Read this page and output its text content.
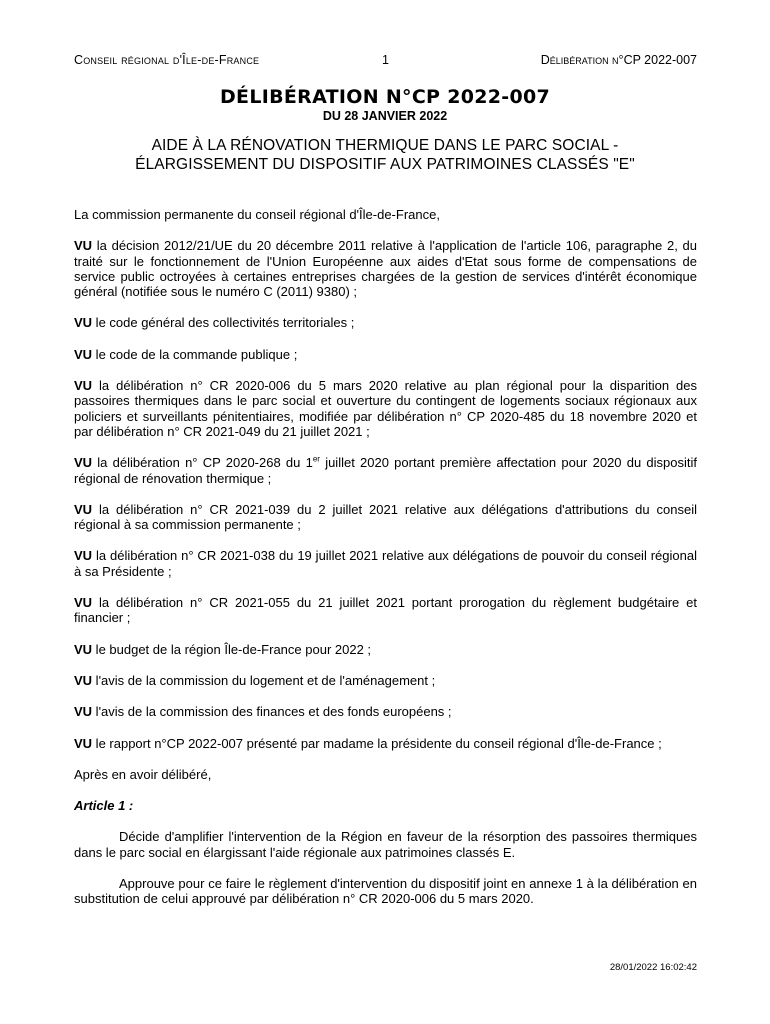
Conseil régional d'Île-de-France	1	Délibération n°CP 2022-007
DÉLIBÉRATION N°CP 2022-007
DU 28 JANVIER 2022
AIDE À LA RÉNOVATION THERMIQUE DANS LE PARC SOCIAL -
ÉLARGISSEMENT DU DISPOSITIF AUX PATRIMOINES CLASSÉS "E"

La commission permanente du conseil régional d'Île-de-France,

VU la décision 2012/21/UE du 20 décembre 2011 relative à l'application de l'article 106, paragraphe 2, du traité sur le fonctionnement de l'Union Européenne aux aides d'Etat sous forme de compensations de service public octroyées à certaines entreprises chargées de la gestion de services d'intérêt économique général (notifiée sous le numéro C (2011) 9380) ;

VU le code général des collectivités territoriales ;

VU le code de la commande publique ;

VU la délibération n° CR 2020-006 du 5 mars 2020 relative au plan régional pour la disparition des passoires thermiques dans le parc social et ouverture du contingent de logements sociaux régionaux aux policiers et surveillants pénitentiaires, modifiée par délibération n° CP 2020-485 du 18 novembre 2020 et par délibération n° CR 2021-049 du 21 juillet 2021 ;

VU la délibération n° CP 2020-268 du 1er juillet 2020 portant première affectation pour 2020 du dispositif régional de rénovation thermique ;

VU la délibération n° CR 2021-039 du 2 juillet 2021 relative aux délégations d'attributions du conseil régional à sa commission permanente ;

VU la délibération n° CR 2021-038 du 19 juillet 2021 relative aux délégations de pouvoir du conseil régional à sa Présidente ;

VU la délibération n° CR 2021-055 du 21 juillet 2021 portant prorogation du règlement budgétaire et financier ;

VU le budget de la région Île-de-France pour 2022 ;

VU l'avis de la commission du logement et de l'aménagement ;

VU l'avis de la commission des finances et des fonds européens ;

VU le rapport n°CP 2022-007 présenté par madame la présidente du conseil régional d'Île-de-France ;

Après en avoir délibéré,

Article 1 :

Décide d'amplifier l'intervention de la Région en faveur de la résorption des passoires thermiques dans le parc social en élargissant l'aide régionale aux patrimoines classés E.

Approuve pour ce faire le règlement d'intervention du dispositif joint en annexe 1 à la délibération en substitution de celui approuvé par délibération n° CR 2020-006 du 5 mars 2020.

28/01/2022 16:02:42
